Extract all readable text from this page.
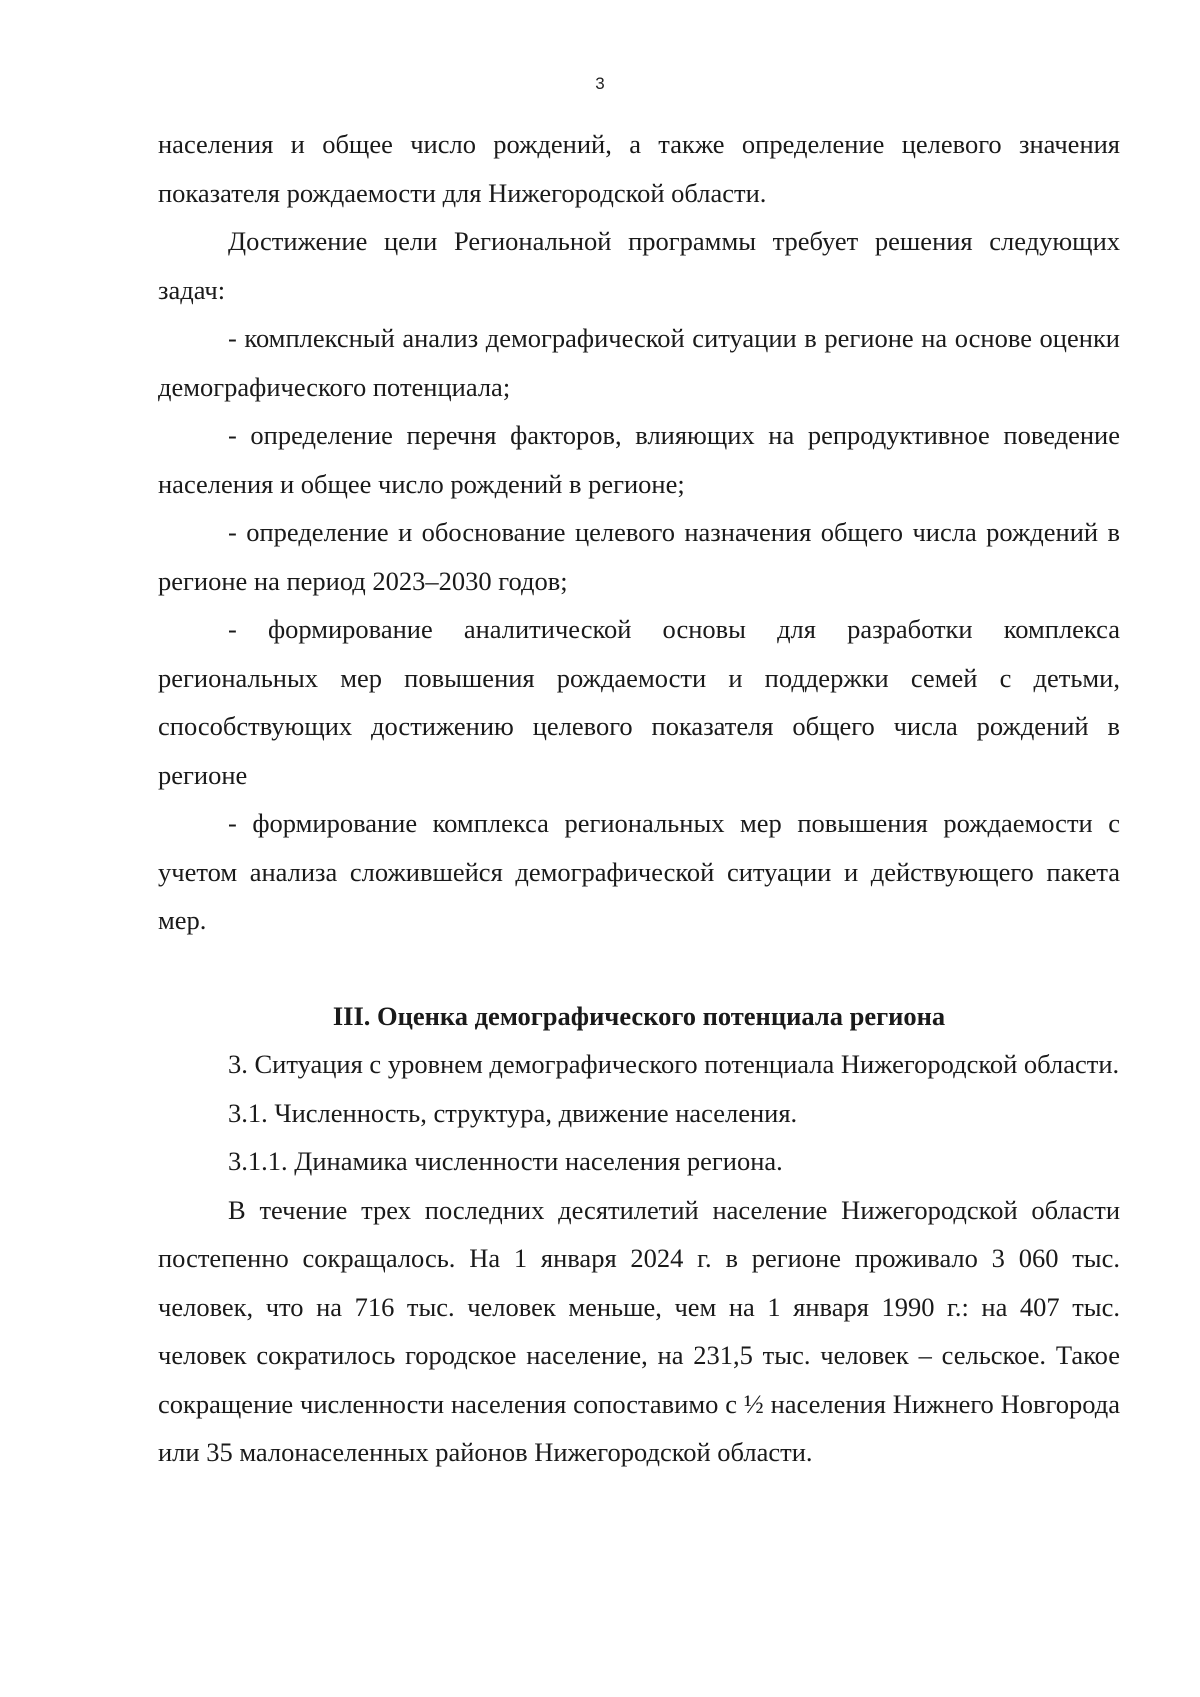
3

населения и общее число рождений, а также определение целевого значения показателя рождаемости для Нижегородской области.

Достижение цели Региональной программы требует решения следующих задач:

- комплексный анализ демографической ситуации в регионе на основе оценки демографического потенциала;

- определение перечня факторов, влияющих на репродуктивное поведение населения и общее число рождений в регионе;

- определение и обоснование целевого назначения общего числа рождений в регионе на период 2023–2030 годов;

- формирование аналитической основы для разработки комплекса региональных мер повышения рождаемости и поддержки семей с детьми, способствующих достижению целевого показателя общего числа рождений в регионе

- формирование комплекса региональных мер повышения рождаемости с учетом анализа сложившейся демографической ситуации и действующего пакета мер.

III. Оценка демографического потенциала региона

3. Ситуация с уровнем демографического потенциала Нижегородской области.

3.1. Численность, структура, движение населения.

3.1.1. Динамика численности населения региона.

В течение трех последних десятилетий население Нижегородской области постепенно сокращалось. На 1 января 2024 г. в регионе проживало 3 060 тыс. человек, что на 716 тыс. человек меньше, чем на 1 января 1990 г.: на 407 тыс. человек сократилось городское население, на 231,5 тыс. человек – сельское. Такое сокращение численности населения сопоставимо с ½ населения Нижнего Новгорода или 35 малонаселенных районов Нижегородской области.
